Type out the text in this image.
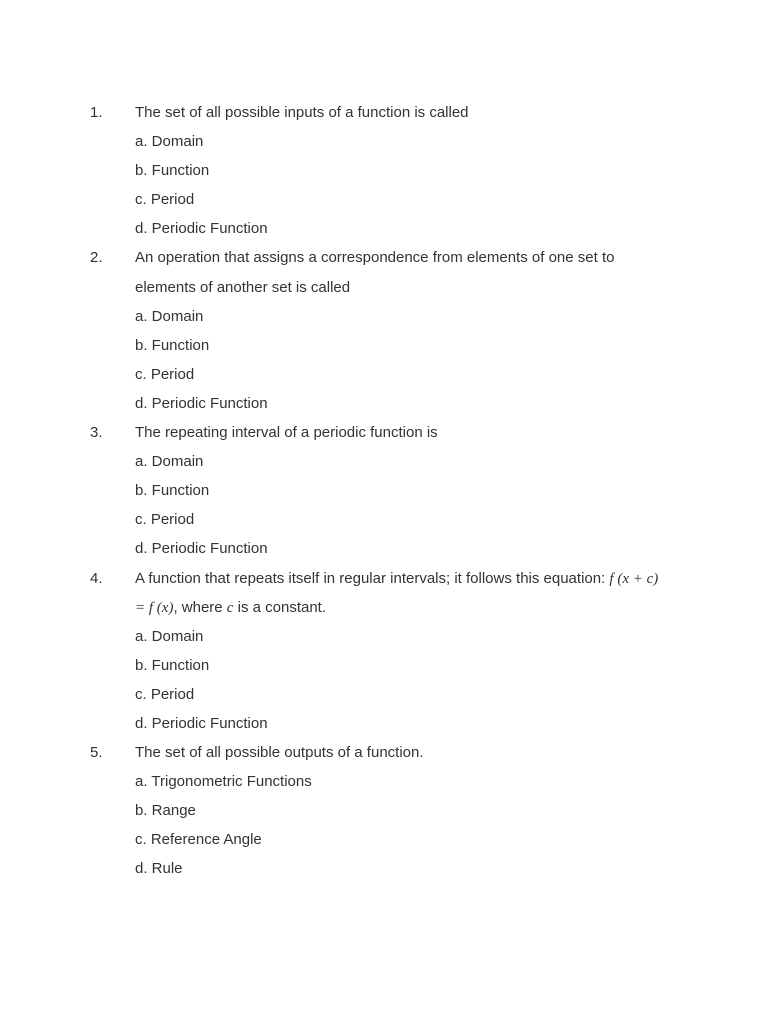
1. The set of all possible inputs of a function is called
a. Domain
b. Function
c. Period
d. Periodic Function
2. An operation that assigns a correspondence from elements of one set to
elements of another set is called
a. Domain
b. Function
c. Period
d. Periodic Function
3. The repeating interval of a periodic function is
a. Domain
b. Function
c. Period
d. Periodic Function
4. A function that repeats itself in regular intervals; it follows this equation: f (x + c)
= f (x), where c is a constant.
a. Domain
b. Function
c. Period
d. Periodic Function
5. The set of all possible outputs of a function.
a. Trigonometric Functions
b. Range
c. Reference Angle
d. Rule
